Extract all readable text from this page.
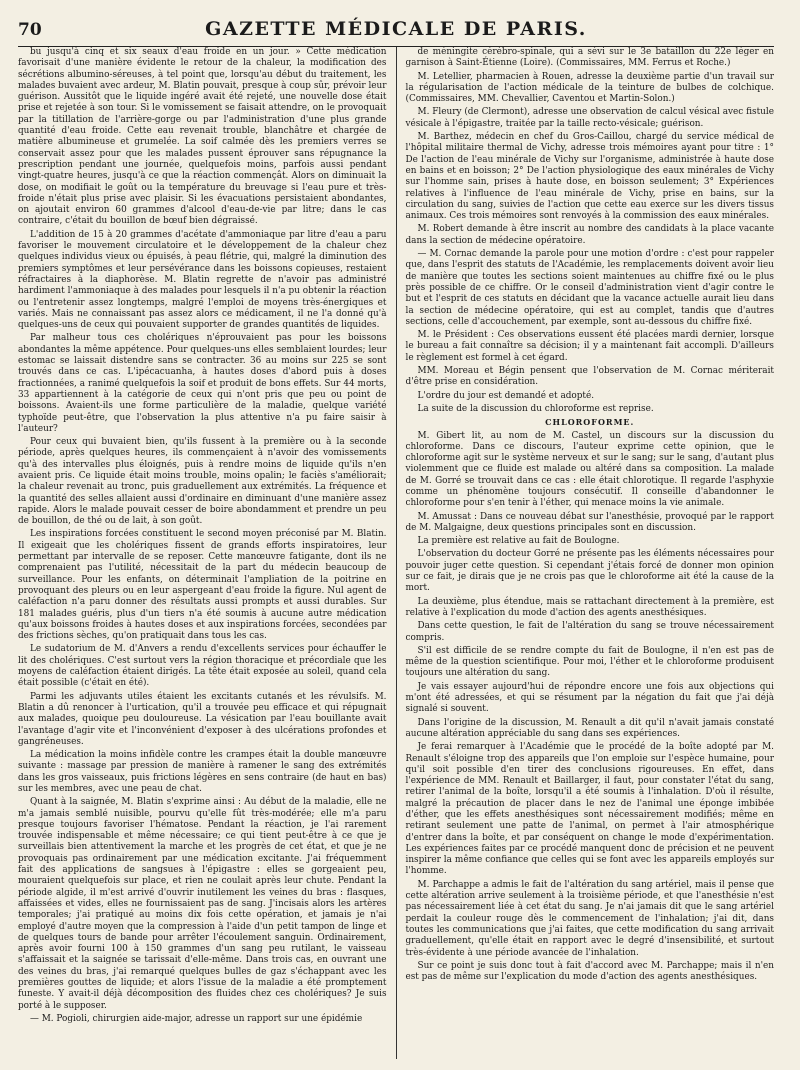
70	GAZETTE MÉDICALE DE PARIS.

bu jusqu'à cinq et six seaux d'eau froide en un jour. » Cette médication favorisait d'une manière évidente le retour de la chaleur, la modification des sécrétions albumino-séreuses, à tel point que, lorsqu'au début du traitement, les malades buvaient avec ardeur, M. Blatin pouvait, presque à coup sûr, prévoir leur guérison. Aussitôt que le liquide ingéré avait été rejeté, une nouvelle dose était prise et rejetée à son tour. Si le vomissement se faisait attendre, on le provoquait par la titillation de l'arrière-gorge ou par l'administration d'une plus grande quantité d'eau froide. Cette eau revenait trouble, blanchâtre et chargée de matière albumineuse et grumelée. La soif calmée dès les premiers verres se conservait assez pour que les malades pussent éprouver sans répugnance la prescription pendant une journée, quelquefois moins, parfois aussi pendant vingt-quatre heures, jusqu'à ce que la réaction commençât. Alors on diminuait la dose, on modifiait le goût ou la température du breuvage si l'eau pure et très-froide n'était plus prise avec plaisir. Si les évacuations persistaient abondantes, on ajoutait environ 60 grammes d'alcool d'eau-de-vie par litre; dans le cas contraire, c'était du bouillon de bœuf bien dégraissé.

L'addition de 15 à 20 grammes d'acétate d'ammoniaque par litre d'eau a paru favoriser le mouvement circulatoire et le développement de la chaleur chez quelques individus vieux ou épuisés, à peau flétrie, qui, malgré la diminution des premiers symptômes et leur persévérance dans les boissons copieuses, restaient réfractaires à la diaphorèse. M. Blatin regrette de n'avoir pas administré hardiment l'ammoniaque à des malades pour lesquels il n'a pu obtenir la réaction ou l'entretenir assez longtemps, malgré l'emploi de moyens très-énergiques et variés. Mais ne connaissant pas assez alors ce médicament, il ne l'a donné qu'à quelques-uns de ceux qui pouvaient supporter de grandes quantités de liquides.

Par malheur tous ces cholériques n'éprouvaient pas pour les boissons abondantes la même appétence. Pour quelques-uns elles semblaient lourdes; leur estomac se laissait distendre sans se contracter. 36 au moins sur 225 se sont trouvés dans ce cas. L'ipécacuanha, à hautes doses d'abord puis à doses fractionnées, a ranimé quelquefois la soif et produit de bons effets. Sur 44 morts, 33 appartiennent à la catégorie de ceux qui n'ont pris que peu ou point de boissons. Avaient-ils une forme particulière de la maladie, quelque variété typhoïde peut-être, que l'observation la plus attentive n'a pu faire saisir à l'auteur?

Pour ceux qui buvaient bien, qu'ils fussent à la première ou à la seconde période, après quelques heures, ils commençaient à n'avoir des vomissements qu'à des intervalles plus éloignés, puis à rendre moins de liquide qu'ils n'en avaient pris. Ce liquide était moins trouble, moins opalin; le faciès s'améliorait; la chaleur revenait au tronc, puis graduellement aux extrémités. La fréquence et la quantité des selles allaient aussi d'ordinaire en diminuant d'une manière assez rapide. Alors le malade pouvait cesser de boire abondamment et prendre un peu de bouillon, de thé ou de lait, à son goût.

Les inspirations forcées constituent le second moyen préconisé par M. Blatin. Il exigeait que les cholériques fissent de grands efforts inspiratoires, leur permettant par intervalle de se reposer. Cette manœuvre fatigante, dont ils ne comprenaient pas l'utilité, nécessitait de la part du médecin beaucoup de surveillance. Pour les enfants, on déterminait l'ampliation de la poitrine en provoquant des pleurs ou en leur aspergeant d'eau froide la figure. Nul agent de caléfaction n'a paru donner des résultats aussi prompts et aussi durables. Sur 181 malades guéris, plus d'un tiers n'a été soumis à aucune autre médication qu'aux boissons froides à hautes doses et aux inspirations forcées, secondées par des frictions sèches, qu'on pratiquait dans tous les cas.

Le sudatorium de M. d'Anvers a rendu d'excellents services pour échauffer le lit des cholériques. C'est surtout vers la région thoracique et précordiale que les moyens de caléfaction étaient dirigés. La tête était exposée au soleil, quand cela était possible (c'était en été).

Parmi les adjuvants utiles étaient les excitants cutanés et les révulsifs. M. Blatin a dû renoncer à l'urtication, qu'il a trouvée peu efficace et qui répugnait aux malades, quoique peu douloureuse. La vésication par l'eau bouillante avait l'avantage d'agir vite et l'inconvénient d'exposer à des ulcérations profondes et gangréneuses.

La médication la moins infidèle contre les crampes était la double manœuvre suivante : massage par pression de manière à ramener le sang des extrémités dans les gros vaisseaux, puis frictions légères en sens contraire (de haut en bas) sur les membres, avec une peau de chat.

Quant à la saignée, M. Blatin s'exprime ainsi : Au début de la maladie, elle ne m'a jamais semblé nuisible, pourvu qu'elle fût très-modérée; elle m'a paru presque toujours favoriser l'hématose. Pendant la réaction, je l'ai rarement trouvée indispensable et même nécessaire; ce qui tient peut-être à ce que je surveillais bien attentivement la marche et les progrès de cet état, et que je ne provoquais pas ordinairement par une médication excitante. J'ai fréquemment fait des applications de sangsues à l'épigastre : elles se gorgeaient peu, mouraient quelquefois sur place, et rien ne coulait après leur chute. Pendant la période algide, il m'est arrivé d'ouvrir inutilement les veines du bras : flasques, affaissées et vides, elles ne fournissaient pas de sang. J'incisais alors les artères temporales; j'ai pratiqué au moins dix fois cette opération, et jamais je n'ai employé d'autre moyen que la compression à l'aide d'un petit tampon de linge et de quelques tours de bande pour arrêter l'écoulement sanguin. Ordinairement, après avoir fourni 100 à 150 grammes d'un sang peu rutilant, le vaisseau s'affaissait et la saignée se tarissait d'elle-même. Dans trois cas, en ouvrant une des veines du bras, j'ai remarqué quelques bulles de gaz s'échappant avec les premières gouttes de liquide; et alors l'issue de la maladie a été promptement funeste. Y avait-il déjà décomposition des fluides chez ces cholériques? Je suis porté à le supposer.

— M. Pogioli, chirurgien aide-major, adresse un rapport sur une épidémie

de méningite cérébro-spinale, qui a sévi sur le 3e bataillon du 22e léger en garnison à Saint-Étienne (Loire). (Commissaires, MM. Ferrus et Roche.)

M. Letellier, pharmacien à Rouen, adresse la deuxième partie d'un travail sur la régularisation de l'action médicale de la teinture de bulbes de colchique. (Commissaires, MM. Chevallier, Caventou et Martin-Solon.)

M. Fleury (de Clermont), adresse une observation de calcul vésical avec fistule vésicale à l'épigastre, traitée par la taille recto-vésicale; guérison.

M. Barthez, médecin en chef du Gros-Caillou, chargé du service médical de l'hôpital militaire thermal de Vichy, adresse trois mémoires ayant pour titre : 1° De l'action de l'eau minérale de Vichy sur l'organisme, administrée à haute dose en bains et en boisson; 2° De l'action physiologique des eaux minérales de Vichy sur l'homme sain, prises à haute dose, en boisson seulement; 3° Expériences relatives à l'influence de l'eau minérale de Vichy, prise en bains, sur la circulation du sang, suivies de l'action que cette eau exerce sur les divers tissus animaux. Ces trois mémoires sont renvoyés à la commission des eaux minérales.

M. Robert demande à être inscrit au nombre des candidats à la place vacante dans la section de médecine opératoire.

— M. Cornac demande la parole pour une motion d'ordre : c'est pour rappeler que, dans l'esprit des statuts de l'Académie, les remplacements doivent avoir lieu de manière que toutes les sections soient maintenues au chiffre fixé ou le plus près possible de ce chiffre. Or le conseil d'administration vient d'agir contre le but et l'esprit de ces statuts en décidant que la vacance actuelle aurait lieu dans la section de médecine opératoire, qui est au complet, tandis que d'autres sections, celle d'accouchement, par exemple, sont au-dessous du chiffre fixé.

M. le Président : Ces observations eussent été placées mardi dernier, lorsque le bureau a fait connaître sa décision; il y a maintenant fait accompli. D'ailleurs le règlement est formel à cet égard.

MM. Moreau et Bégin pensent que l'observation de M. Cornac mériterait d'être prise en considération.

L'ordre du jour est demandé et adopté.

La suite de la discussion du chloroforme est reprise.

CHLOROFORME.

M. Gibert lit, au nom de M. Castel, un discours sur la discussion du chloroforme. Dans ce discours, l'auteur exprime cette opinion, que le chloroforme agit sur le système nerveux et sur le sang; sur le sang, d'autant plus violemment que ce fluide est malade ou altéré dans sa composition. La malade de M. Gorré se trouvait dans ce cas : elle était chlorotique. Il regarde l'asphyxie comme un phénomène toujours consécutif. Il conseille d'abandonner le chloroforme pour s'en tenir à l'éther, qui menace moins la vie animale.

M. Amussat : Dans ce nouveau débat sur l'anesthésie, provoqué par le rapport de M. Malgaigne, deux questions principales sont en discussion.

La première est relative au fait de Boulogne.

L'observation du docteur Gorré ne présente pas les éléments nécessaires pour pouvoir juger cette question. Si cependant j'étais forcé de donner mon opinion sur ce fait, je dirais que je ne crois pas que le chloroforme ait été la cause de la mort.

La deuxième, plus étendue, mais se rattachant directement à la première, est relative à l'explication du mode d'action des agents anesthésiques.

Dans cette question, le fait de l'altération du sang se trouve nécessairement compris.

S'il est difficile de se rendre compte du fait de Boulogne, il n'en est pas de même de la question scientifique. Pour moi, l'éther et le chloroforme produisent toujours une altération du sang.

Je vais essayer aujourd'hui de répondre encore une fois aux objections qui m'ont été adressées, et qui se résument par la négation du fait que j'ai déjà signalé si souvent.

Dans l'origine de la discussion, M. Renault a dit qu'il n'avait jamais constaté aucune altération appréciable du sang dans ses expériences.

Je ferai remarquer à l'Académie que le procédé de la boîte adopté par M. Renault s'éloigne trop des appareils que l'on emploie sur l'espèce humaine, pour qu'il soit possible d'en tirer des conclusions rigoureuses. En effet, dans l'expérience de MM. Renault et Baillarger, il faut, pour constater l'état du sang, retirer l'animal de la boîte, lorsqu'il a été soumis à l'inhalation. D'où il résulte, malgré la précaution de placer dans le nez de l'animal une éponge imbibée d'éther, que les effets anesthésiques sont nécessairement modifiés; même en retirant seulement une patte de l'animal, on permet à l'air atmosphérique d'entrer dans la boîte, et par conséquent on change le mode d'expérimentation. Les expériences faites par ce procédé manquent donc de précision et ne peuvent inspirer la même confiance que celles qui se font avec les appareils employés sur l'homme.

M. Parchappe a admis le fait de l'altération du sang artériel, mais il pense que cette altération arrive seulement à la troisième période, et que l'anesthésie n'est pas nécessairement liée à cet état du sang. Je n'ai jamais dit que le sang artériel perdait la couleur rouge dès le commencement de l'inhalation; j'ai dit, dans toutes les communications que j'ai faites, que cette modification du sang arrivait graduellement, qu'elle était en rapport avec le degré d'insensibilité, et surtout très-évidente à une période avancée de l'inhalation.

Sur ce point je suis donc tout à fait d'accord avec M. Parchappe; mais il n'en est pas de même sur l'explication du mode d'action des agents anesthésiques.
